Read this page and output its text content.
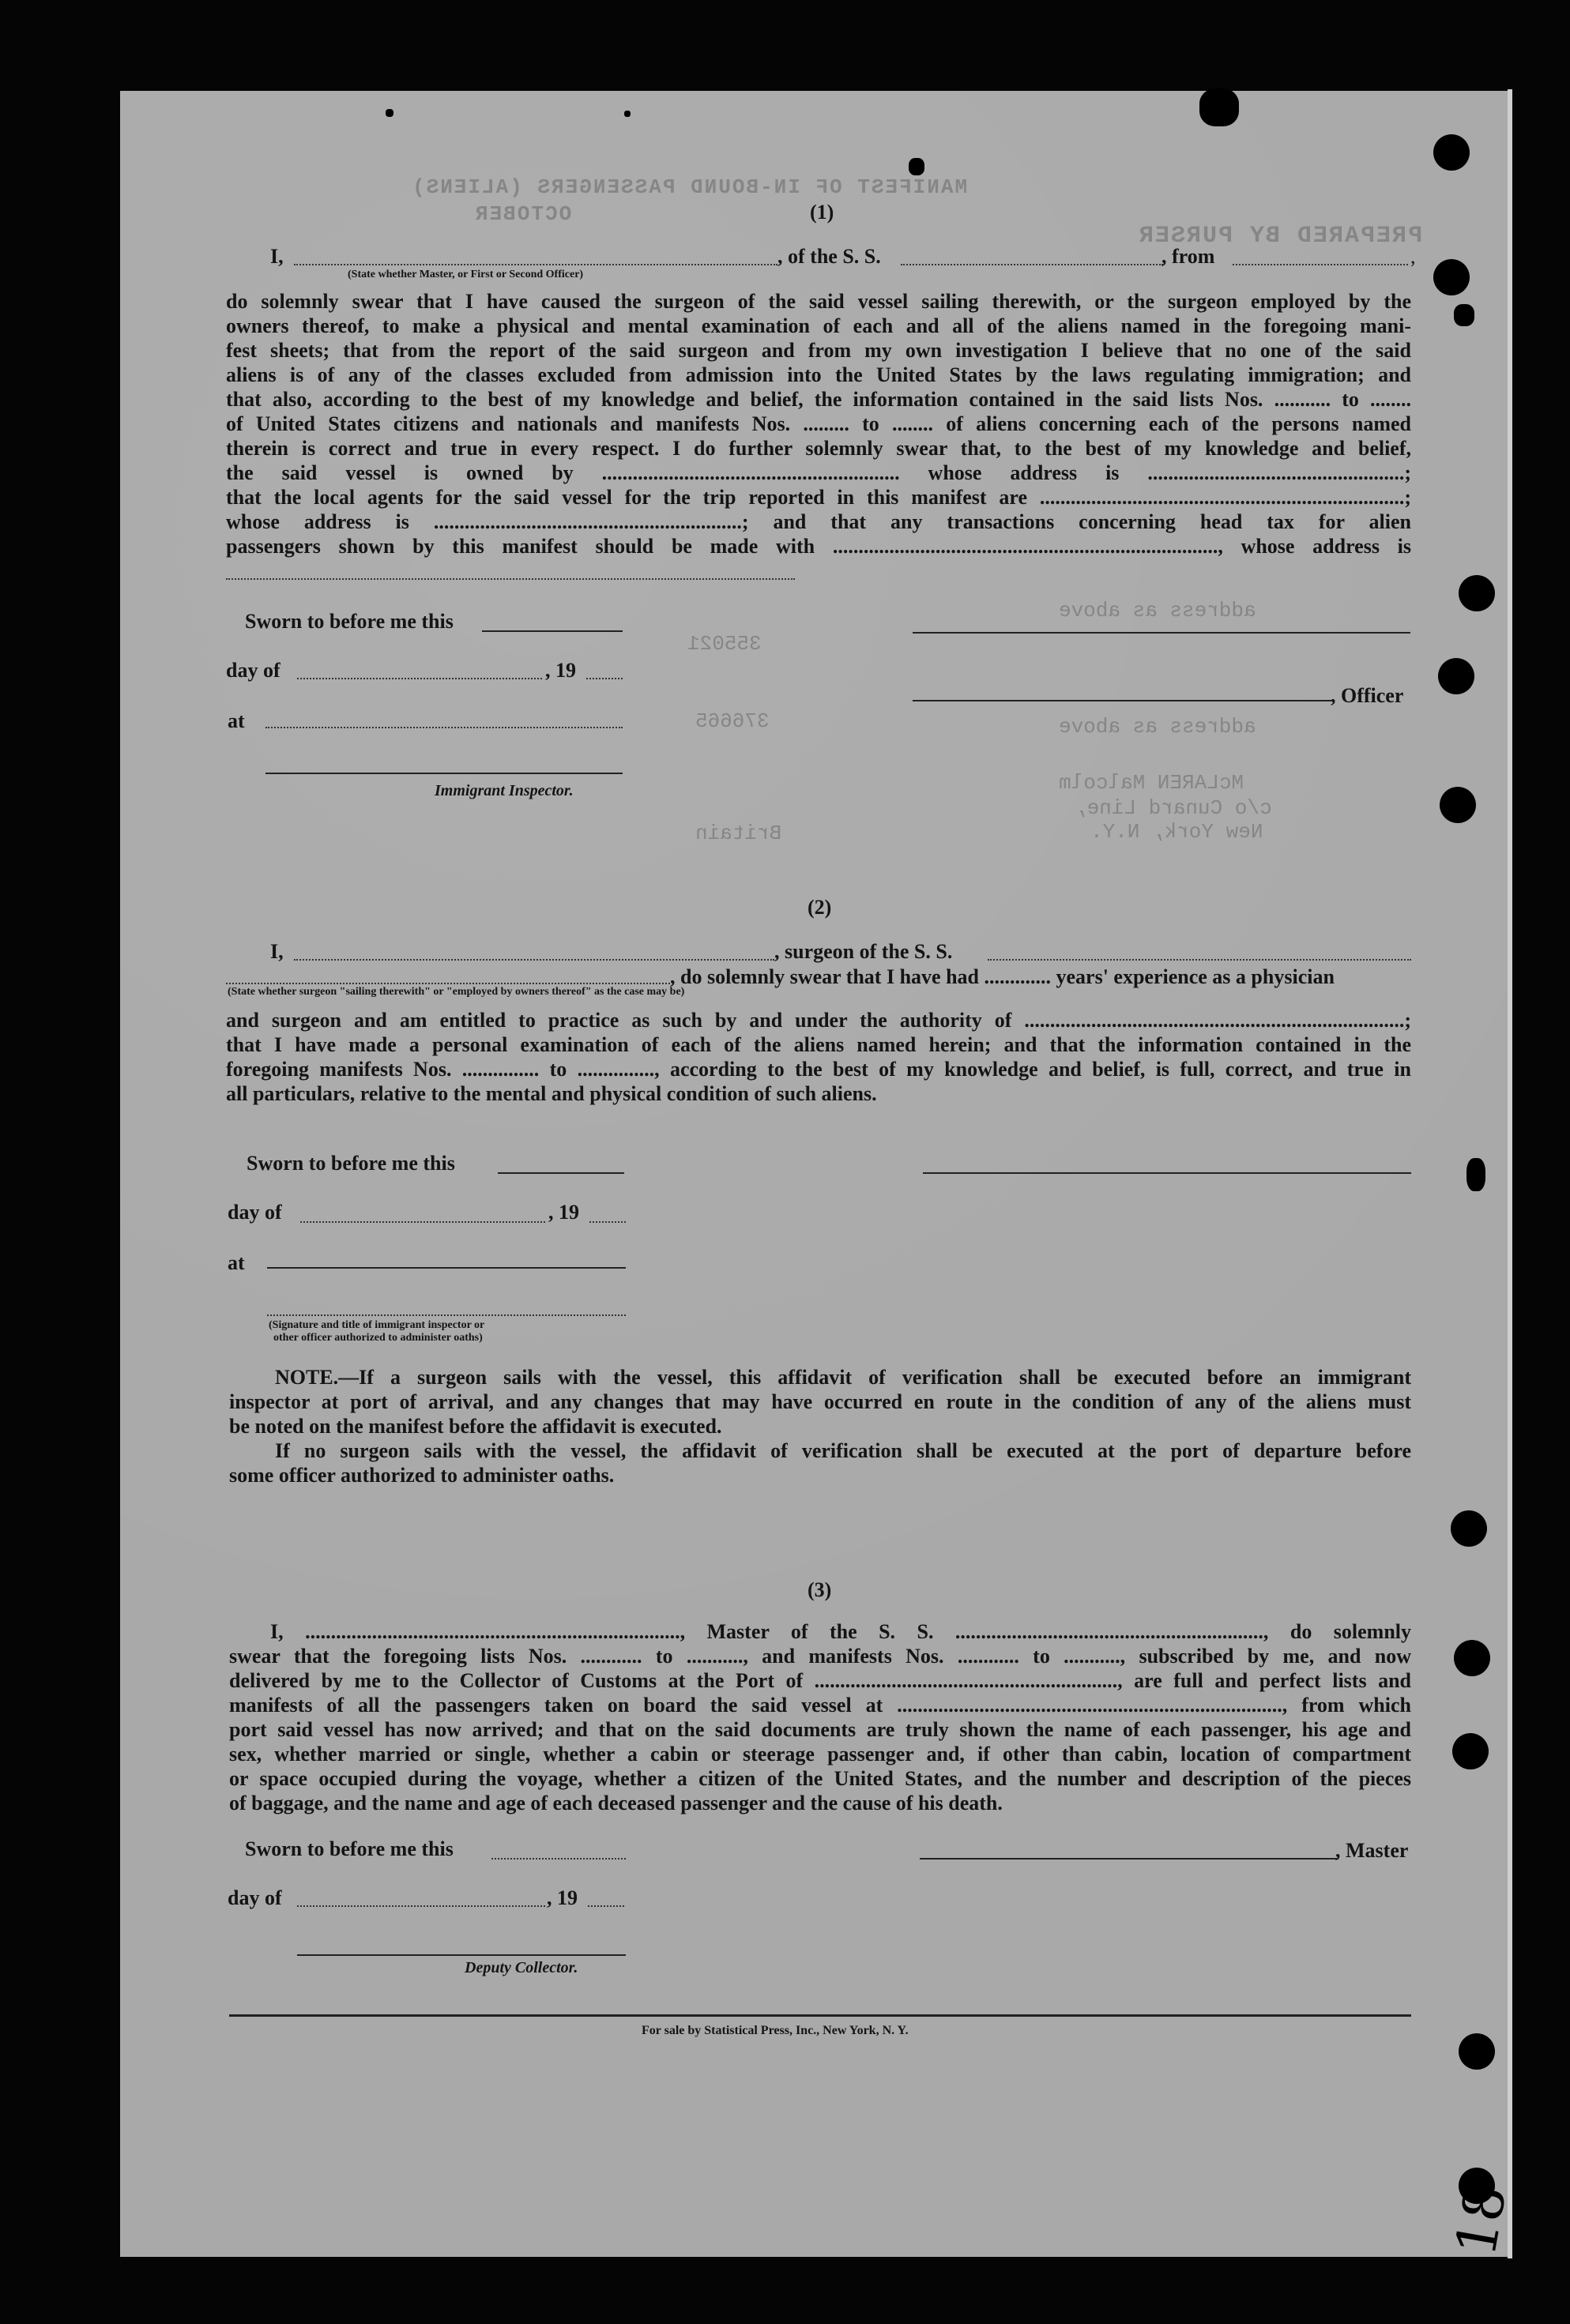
MANIFEST OF IN-BOUND PASSENGERS (ALIENS)
OCTOBER
PREPARED BY PURSER
address as above
address as above
McLAREN Malcolm
c/o Cunard Line,
New York, N.Y.
Britain
355021
376665
(1)
I,	, of the S. S.	, from	,
(State whether Master, or First or Second Officer)
do solemnly swear that I have caused the surgeon of the said vessel sailing therewith, or the surgeon employed by the
owners thereof, to make a physical and mental examination of each and all of the aliens named in the foregoing mani-
fest sheets; that from the report of the said surgeon and from my own investigation I believe that no one of the said
aliens is of any of the classes excluded from admission into the United States by the laws regulating immigration; and
that also, according to the best of my knowledge and belief, the information contained in the said lists Nos. ........... to ........
of United States citizens and nationals and manifests Nos. ......... to ........ of aliens concerning each of the persons named
therein is correct and true in every respect. I do further solemnly swear that, to the best of my knowledge and belief,
the said vessel is owned by .......................................................... whose address is ..................................................;
that the local agents for the said vessel for the trip reported in this manifest are .......................................................................;
whose address is ............................................................; and that any transactions concerning head tax for alien
passengers shown by this manifest should be made with ..........................................................................., whose address is
Sworn to before me this
day of	, 19
, Officer
at
Immigrant Inspector.
(2)
I,	, surgeon of the S. S.
, do solemnly swear that I have had ............. years' experience as a physician
(State whether surgeon "sailing therewith" or "employed by owners thereof" as the case may be)
and surgeon and am entitled to practice as such by and under the authority of ..........................................................................;
that I have made a personal examination of each of the aliens named herein; and that the information contained in the
foregoing manifests Nos. ............... to ..............., according to the best of my knowledge and belief, is full, correct, and true in
all particulars, relative to the mental and physical condition of such aliens.
Sworn to before me this
day of	, 19
at
(Signature and title of immigrant inspector or
other officer authorized to administer oaths)
NOTE.—If a surgeon sails with the vessel, this affidavit of verification shall be executed before an immigrant
inspector at port of arrival, and any changes that may have occurred en route in the condition of any of the aliens must
be noted on the manifest before the affidavit is executed.
If no surgeon sails with the vessel, the affidavit of verification shall be executed at the port of departure before
some officer authorized to administer oaths.
(3)
I, ........................................................................., Master of the S. S. ............................................................, do solemnly
swear that the foregoing lists Nos. ............ to ..........., and manifests Nos. ............ to ..........., subscribed by me, and now
delivered by me to the Collector of Customs at the Port of ..........................................................., are full and perfect lists and
manifests of all the passengers taken on board the said vessel at ..........................................................................., from which
port said vessel has now arrived; and that on the said documents are truly shown the name of each passenger, his age and
sex, whether married or single, whether a cabin or steerage passenger and, if other than cabin, location of compartment
or space occupied during the voyage, whether a citizen of the United States, and the number and description of the pieces
of baggage, and the name and age of each deceased passenger and the cause of his death.
Sworn to before me this	, Master
day of	, 19
Deputy Collector.
For sale by Statistical Press, Inc., New York, N. Y.
18
